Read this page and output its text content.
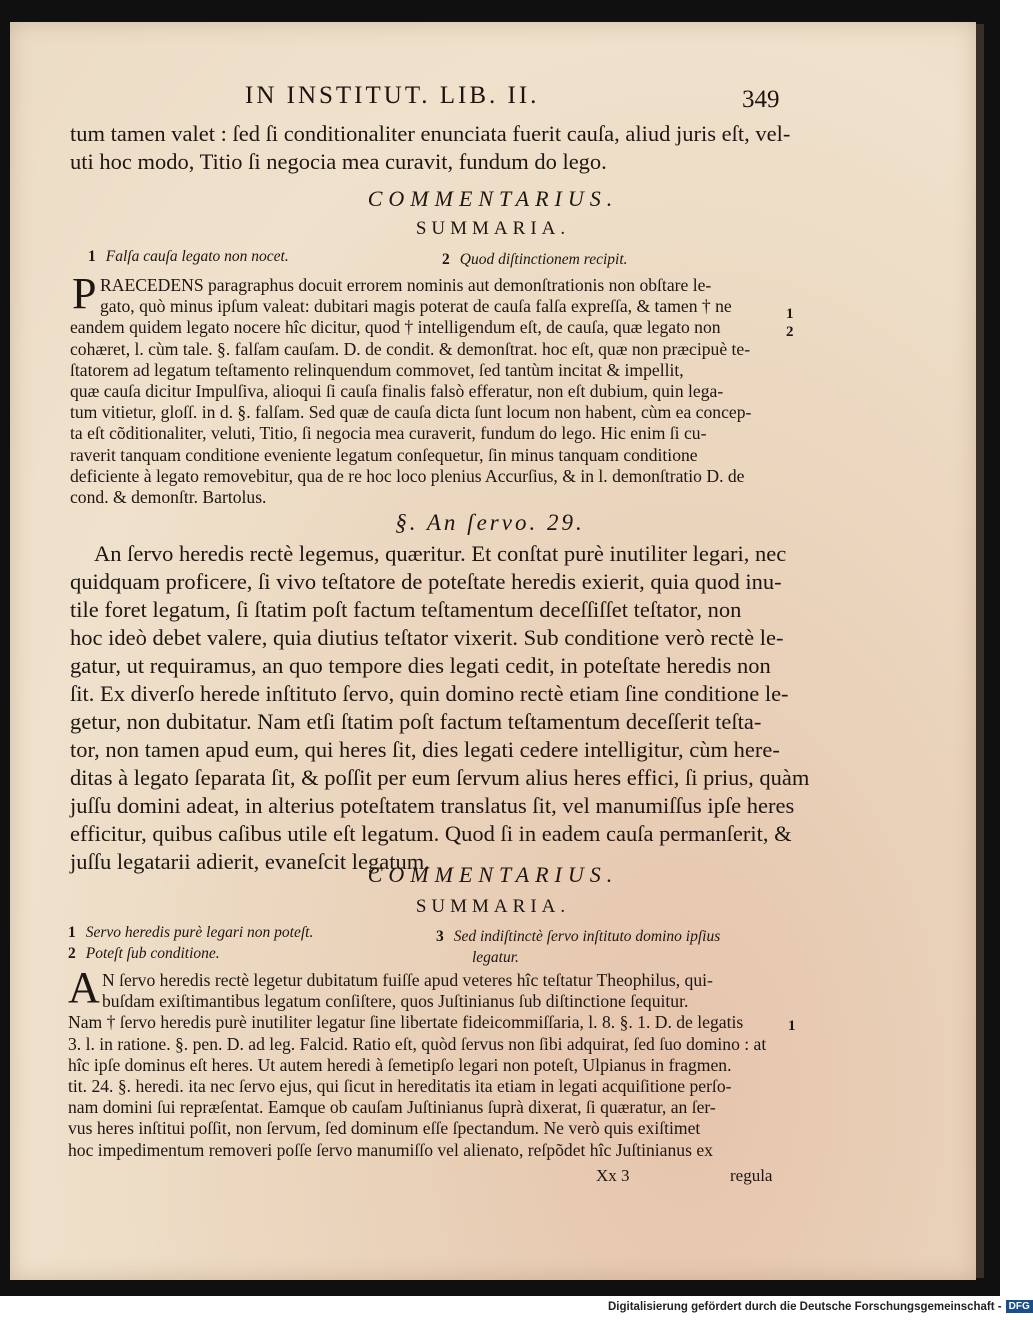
IN INSTITUT. LIB. II.	349
tum tamen valet : ſed ſi conditionaliter enunciata fuerit cauſa, aliud juris eſt, vel-
uti hoc modo, Titio ſi negocia mea curavit, fundum do lego.
COMMENTARIUS.
SUMMARIA.
1 Falſa cauſa legato non nocet.	2 Quod diſtinctionem recipit.
P RAECEDENS paragraphus docuit errorem nominis aut demonſtrationis non obſtare le-
gato, quò minus ipſum valeat: dubitari magis poterat de cauſa falſa expreſſa, & tamen † ne
eandem quidem legato nocere hîc dicitur, quod † intelligendum eſt, de cauſa, quæ legato non
cohæret, l. cùm tale. §. falſam cauſam. D. de condit. & demonſtrat. hoc eſt, quæ non præcipuè te-
ſtatorem ad legatum teſtamento relinquendum commovet, ſed tantùm incitat & impellit,
quæ cauſa dicitur Impulſiva, alioqui ſi cauſa finalis falsò efferatur, non eſt dubium, quin lega-
tum vitietur, gloſſ. in d. §. falſam. Sed quæ de cauſa dicta ſunt locum non habent, cùm ea concep-
ta eſt cõditionaliter, veluti, Titio, ſi negocia mea curaverit, fundum do lego. Hic enim ſi cu-
raverit tanquam conditione eveniente legatum conſequetur, ſin minus tanquam conditione
deficiente à legato removebitur, qua de re hoc loco plenius Accurſius, & in l. demonſtratio D. de
cond. & demonſtr. Bartolus.
1
2
§. An ſervo. 29.
An ſervo heredis rectè legemus, quæritur. Et conſtat purè inutiliter legari, nec
quidquam proficere, ſi vivo teſtatore de poteſtate heredis exierit, quia quod inu-
tile foret legatum, ſi ſtatim poſt factum teſtamentum deceſſiſſet teſtator, non
hoc ideò debet valere, quia diutius teſtator vixerit. Sub conditione verò rectè le-
gatur, ut requiramus, an quo tempore dies legati cedit, in poteſtate heredis non
ſit. Ex diverſo herede inſtituto ſervo, quin domino rectè etiam ſine conditione le-
getur, non dubitatur. Nam etſi ſtatim poſt factum teſtamentum deceſſerit teſta-
tor, non tamen apud eum, qui heres ſit, dies legati cedere intelligitur, cùm here-
ditas à legato ſeparata ſit, & poſſit per eum ſervum alius heres effici, ſi prius, quàm
juſſu domini adeat, in alterius poteſtatem translatus ſit, vel manumiſſus ipſe heres
efficitur, quibus caſibus utile eſt legatum. Quod ſi in eadem cauſa permanſerit, &
juſſu legatarii adierit, evaneſcit legatum.
COMMENTARIUS.
SUMMARIA.
1 Servo heredis purè legari non poteſt.
2 Poteſt ſub conditione.
3 Sed indiſtinctè ſervo inſtituto domino ipſius
legatur.
A N ſervo heredis rectè legetur dubitatum fuiſſe apud veteres hîc teſtatur Theophilus, qui-
buſdam exiſtimantibus legatum conſiſtere, quos Juſtinianus ſub diſtinctione ſequitur.
Nam † ſervo heredis purè inutiliter legatur ſine libertate fideicommiſſaria, l. 8. §. 1. D. de legatis
3. l. in ratione. §. pen. D. ad leg. Falcid. Ratio eſt, quòd ſervus non ſibi adquirat, ſed ſuo domino : at
hîc ipſe dominus eſt heres. Ut autem heredi à ſemetipſo legari non poteſt, Ulpianus in fragmen.
tit. 24. §. heredi. ita nec ſervo ejus, qui ſicut in hereditatis ita etiam in legati acquiſitione perſo-
nam domini ſui repræſentat. Eamque ob cauſam Juſtinianus ſuprà dixerat, ſi quæratur, an ſer-
vus heres inſtitui poſſit, non ſervum, ſed dominum eſſe ſpectandum. Ne verò quis exiſtimet
hoc impedimentum removeri poſſe ſervo manumiſſo vel alienato, reſpõdet hîc Juſtinianus ex
1
Xx 3	regula
Digitalisierung gefördert durch die Deutsche Forschungsgemeinschaft - DFG
